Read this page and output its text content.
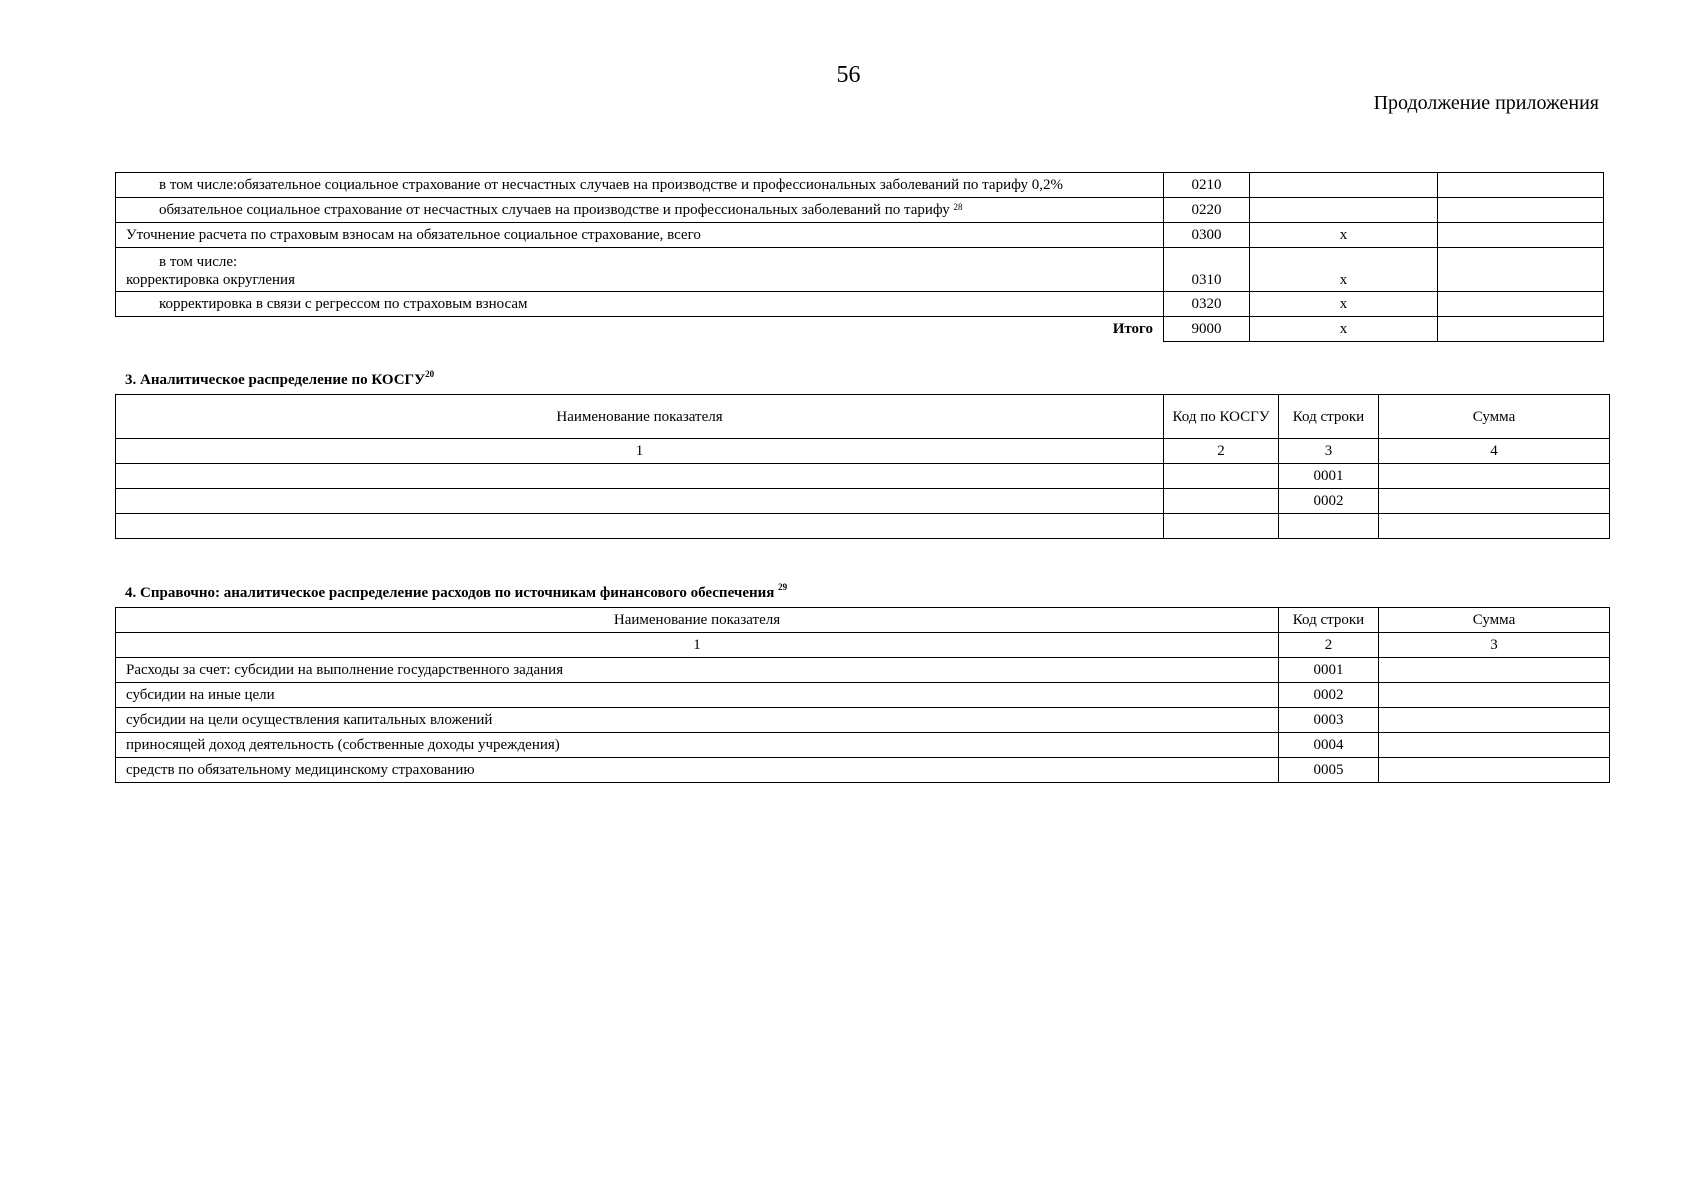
56
Продолжение приложения
в том числе:обязательное социальное страхование от несчастных случаев на производстве и профессиональных заболеваний по тарифу 0,2%	0210		
обязательное социальное страхование от несчастных случаев на производстве и профессиональных заболеваний по тарифу $^{28}$	0220		
Уточнение расчета по страховым взносам на обязательное социальное страхование, всего	0300	х	

в том числе:
корректировка округления	0310	х	
корректировка в связи с регрессом по страховым взносам	0320	х	
Итого	9000	х	
3. Аналитическое распределение по КОСГУ$^{20}$
Наименование показателя	Код по КОСГУ	Код строки	Сумма
1	2	3	4
		0001	
		0002	

4. Справочно: аналитическое распределение расходов по источникам финансового обеспечения $^{29}$
Наименование показателя	Код строки	Сумма
1	2	3
Расходы за счет: субсидии на выполнение государственного задания	0001	
субсидии на иные цели	0002	
субсидии на цели осуществления капитальных вложений	0003	
приносящей доход деятельность (собственные доходы учреждения)	0004	
средств по обязательному медицинскому страхованию	0005	
